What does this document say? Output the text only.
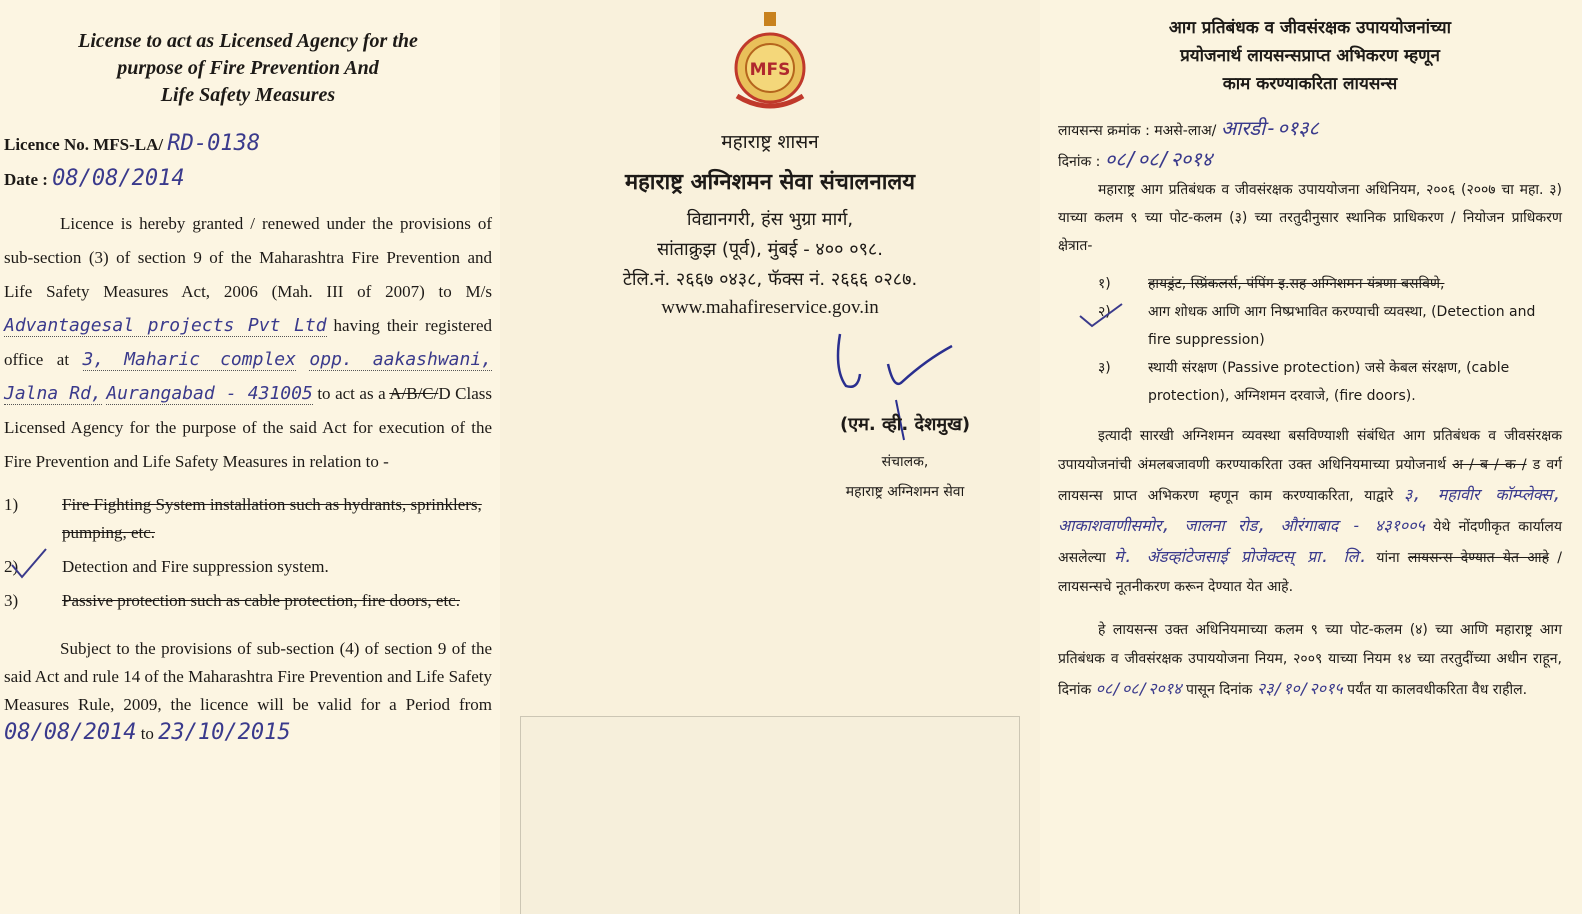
License to act as Licensed Agency for the
purpose of Fire Prevention And
Life Safety Measures
Licence No. MFS-LA/ RD-0138
Date : 08/08/2014
Licence is hereby granted / renewed under the provisions of sub-section (3) of section 9 of the Maharashtra Fire Prevention and Life Safety Measures Act, 2006 (Mah. III of 2007) to M/s Advantagesal projects Pvt Ltd having their registered office at 3, Maharic complex opp. aakashwani, Jalna Rd, Aurangabad - 431005 to act as a A/B/C/D Class Licensed Agency for the purpose of the said Act for execution of the Fire Prevention and Life Safety Measures in relation to -
1)	Fire Fighting System installation such as hydrants, sprinklers, pumping, etc.
2)	Detection and Fire suppression system.
3)	Passive protection such as cable protection, fire doors, etc.
Subject to the provisions of sub-section (4) of section 9 of the said Act and rule 14 of the Maharashtra Fire Prevention and Life Safety Measures Rule, 2009, the licence will be valid for a Period from 08/08/2014 to 23/10/2015
MFS
महाराष्ट्र शासन
महाराष्ट्र अग्निशमन सेवा संचालनालय
विद्यानगरी, हंस भुग्रा मार्ग,
सांताक्रुझ (पूर्व), मुंबई - ४०० ०९८.
टेलि.नं. २६६७ ०४३८, फॅक्स नं. २६६६ ०२८७.
www.mahafireservice.gov.in
(एम. व्ही. देशमुख)
संचालक,
महाराष्ट्र अग्निशमन सेवा
आग प्रतिबंधक व जीवसंरक्षक उपाययोजनांच्या
प्रयोजनार्थ लायसन्सप्राप्त अभिकरण म्हणून
काम करण्याकरिता लायसन्स
लायसन्स क्रमांक : मअसे-लाअ/ आरडी-०१३८
दिनांक : ०८/०८/२०१४
महाराष्ट्र आग प्रतिबंधक व जीवसंरक्षक उपाययोजना अधिनियम, २००६ (२००७ चा महा. ३) याच्या कलम ९ च्या पोट-कलम (३) च्या तरतुदीनुसार स्थानिक प्राधिकरण / नियोजन प्राधिकरण क्षेत्रात-
१)	हायड्रंट, स्प्रिंकलर्स, पंपिंग इ.सह अग्निशमन यंत्रणा बसविणे,
२)	आग शोधक आणि आग निष्प्रभावित करण्याची व्यवस्था, (Detection and fire suppression)
३)	स्थायी संरक्षण (Passive protection) जसे केबल संरक्षण, (cable protection), अग्निशमन दरवाजे, (fire doors).
इत्यादी सारखी अग्निशमन व्यवस्था बसविण्याशी संबंधित आग प्रतिबंधक व जीवसंरक्षक उपाययोजनांची अंमलबजावणी करण्याकरिता उक्त अधिनियमाच्या प्रयोजनार्थ अ / ब / क / ड वर्ग लायसन्स प्राप्त अभिकरण म्हणून काम करण्याकरिता, याद्वारे ३, महावीर कॉम्प्लेक्स, आकाशवाणीसमोर, जालना रोड, औरंगाबाद - ४३१००५ येथे नोंदणीकृत कार्यालय असलेल्या मे. ॲडव्हांटेजसाई प्रोजेक्टस् प्रा. लि. यांना लायसन्स देण्यात येत आहे /लायसन्सचे नूतनीकरण करून देण्यात येत आहे.
हे लायसन्स उक्त अधिनियमाच्या कलम ९ च्या पोट-कलम (४) च्या आणि महाराष्ट्र आग प्रतिबंधक व जीवसंरक्षक उपाययोजना नियम, २००९ याच्या नियम १४ च्या तरतुदींच्या अधीन राहून, दिनांक ०८/०८/२०१४ पासून दिनांक २३/१०/२०१५ पर्यंत या कालवधीकरिता वैध राहील.
